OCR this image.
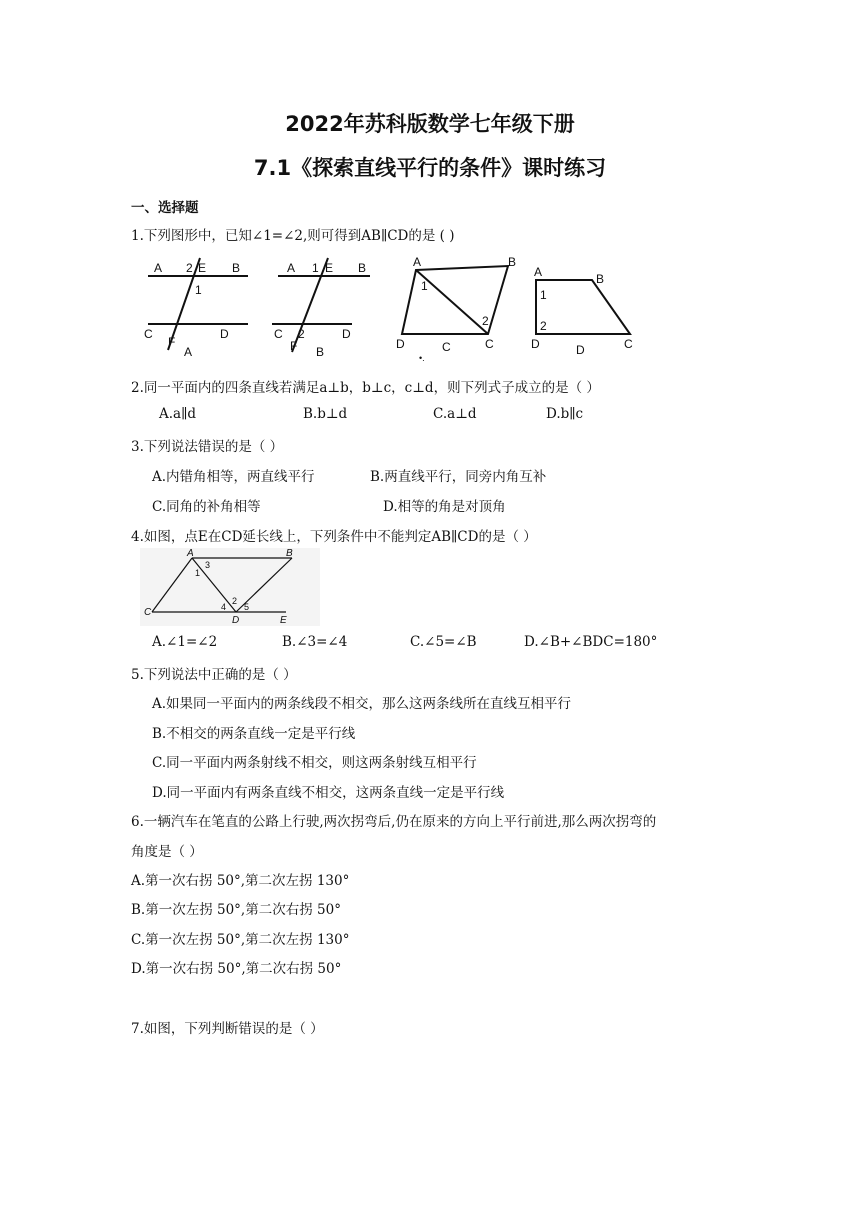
2022年苏科版数学七年级下册
7.1《探索直线平行的条件》课时练习
一、选择题
1.下列图形中，已知∠1=∠2,则可得到AB∥CD的是 ( )
A 2 E B
1
C
F
D
A
A 1 E B
C 2
F
D
B
A	B
1
2
D	C
C
•.
A	B
1
2
D	D	C
2.同一平面内的四条直线若满足a⊥b，b⊥c，c⊥d，则下列式子成立的是（ ）
A.a∥d	B.b⊥d	C.a⊥d	D.b∥c
3.下列说法错误的是（ ）
A.内错角相等，两直线平行	B.两直线平行，同旁内角互补
C.同角的补角相等	D.相等的角是对顶角
4.如图，点E在CD延长线上，下列条件中不能判定AB∥CD的是（ ）
A	B
3
1
C	4
2
5
D	E
A.∠1=∠2	B.∠3=∠4	C.∠5=∠B	D.∠B+∠BDC=180°
5.下列说法中正确的是（ ）
A.如果同一平面内的两条线段不相交，那么这两条线所在直线互相平行
B.不相交的两条直线一定是平行线
C.同一平面内两条射线不相交，则这两条射线互相平行
D.同一平面内有两条直线不相交，这两条直线一定是平行线
6.一辆汽车在笔直的公路上行驶,两次拐弯后,仍在原来的方向上平行前进,那么两次拐弯的
角度是（ ）
A.第一次右拐 50°,第二次左拐 130°
B.第一次左拐 50°,第二次右拐 50°
C.第一次左拐 50°,第二次左拐 130°
D.第一次右拐 50°,第二次右拐 50°
7.如图，下列判断错误的是（ ）
